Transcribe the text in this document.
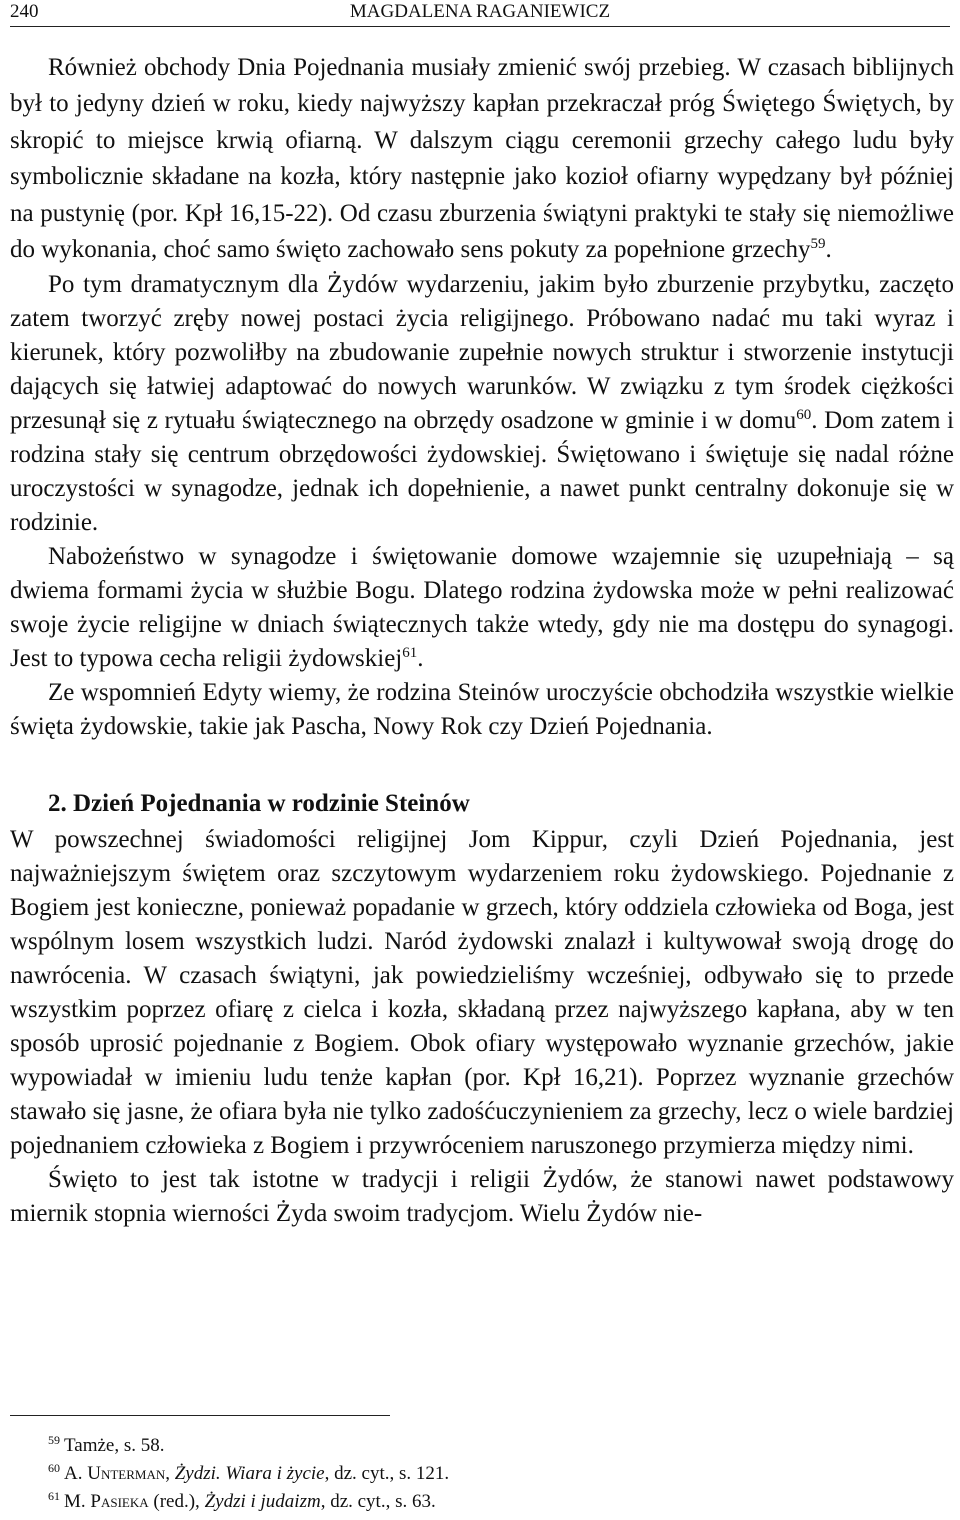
240	MAGDALENA RAGANIEWICZ

Również obchody Dnia Pojednania musiały zmienić swój przebieg. W czasach biblijnych był to jedyny dzień w roku, kiedy najwyższy kapłan przekraczał próg Świętego Świętych, by skropić to miejsce krwią ofiarną. W dalszym ciągu ceremonii grzechy całego ludu były symbolicznie składane na kozła, który następnie jako kozioł ofiarny wypędzany był później na pustynię (por. Kpł 16,15-22). Od czasu zburzenia świątyni praktyki te stały się niemożliwe do wykonania, choć samo święto zachowało sens pokuty za popełnione grzechy$^{59}$.

Po tym dramatycznym dla Żydów wydarzeniu, jakim było zburzenie przybytku, zaczęto zatem tworzyć zręby nowej postaci życia religijnego. Próbowano nadać mu taki wyraz i kierunek, który pozwoliłby na zbudowanie zupełnie nowych struktur i stworzenie instytucji dających się łatwiej adaptować do nowych warunków. W związku z tym środek ciężkości przesunął się z rytuału świątecznego na obrzędy osadzone w gminie i w domu$^{60}$. Dom zatem i rodzina stały się centrum obrzędowości żydowskiej. Świętowano i świętuje się nadal różne uroczystości w synagodze, jednak ich dopełnienie, a nawet punkt centralny dokonuje się w rodzinie.

Nabożeństwo w synagodze i świętowanie domowe wzajemnie się uzupełniają – są dwiema formami życia w służbie Bogu. Dlatego rodzina żydowska może w pełni realizować swoje życie religijne w dniach świątecznych także wtedy, gdy nie ma dostępu do synagogi. Jest to typowa cecha religii żydowskiej$^{61}$.

Ze wspomnień Edyty wiemy, że rodzina Steinów uroczyście obchodziła wszystkie wielkie święta żydowskie, takie jak Pascha, Nowy Rok czy Dzień Pojednania.

2. Dzień Pojednania w rodzinie Steinów

W powszechnej świadomości religijnej Jom Kippur, czyli Dzień Pojednania, jest najważniejszym świętem oraz szczytowym wydarzeniem roku żydowskiego. Pojednanie z Bogiem jest konieczne, ponieważ popadanie w grzech, który oddziela człowieka od Boga, jest wspólnym losem wszystkich ludzi. Naród żydowski znalazł i kultywował swoją drogę do nawrócenia. W czasach świątyni, jak powiedzieliśmy wcześniej, odbywało się to przede wszystkim poprzez ofiarę z cielca i kozła, składaną przez najwyższego kapłana, aby w ten sposób uprosić pojednanie z Bogiem. Obok ofiary występowało wyznanie grzechów, jakie wypowiadał w imieniu ludu tenże kapłan (por. Kpł 16,21). Poprzez wyznanie grzechów stawało się jasne, że ofiara była nie tylko zadośćuczynieniem za grzechy, lecz o wiele bardziej pojednaniem człowieka z Bogiem i przywróceniem naruszonego przymierza między nimi.

Święto to jest tak istotne w tradycji i religii Żydów, że stanowi nawet podstawowy miernik stopnia wierności Żyda swoim tradycjom. Wielu Żydów nie-

$^{59}$ Tamże, s. 58.
$^{60}$ A. Unterman, Żydzi. Wiara i życie, dz. cyt., s. 121.
$^{61}$ M. Pasieka (red.), Żydzi i judaizm, dz. cyt., s. 63.
